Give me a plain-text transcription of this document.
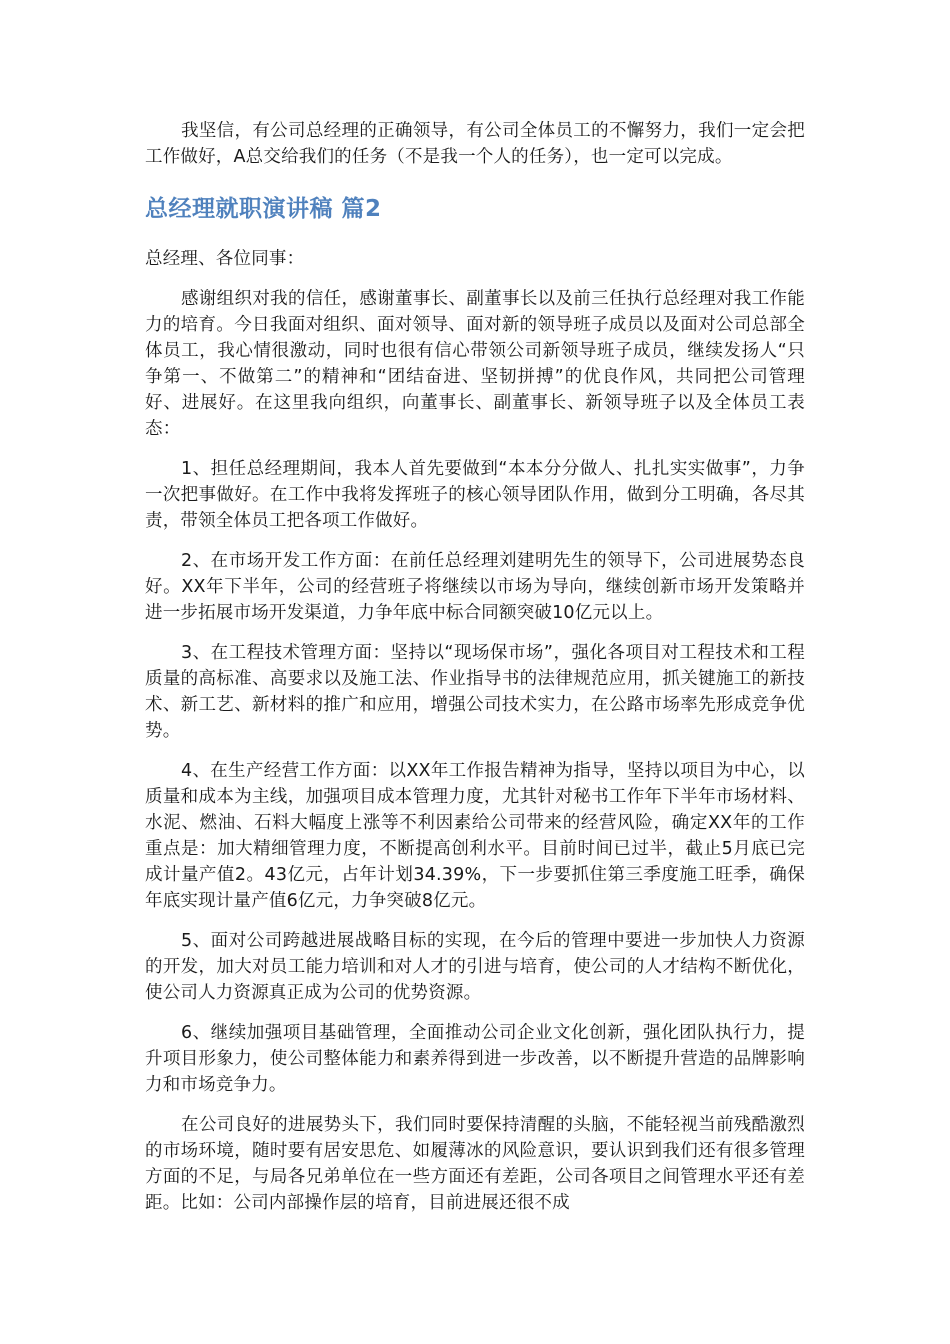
我坚信，有公司总经理的正确领导，有公司全体员工的不懈努力，我们一定会把工作做好，A总交给我们的任务（不是我一个人的任务），也一定可以完成。

总经理就职演讲稿 篇2

总经理、各位同事：

感谢组织对我的信任，感谢董事长、副董事长以及前三任执行总经理对我工作能力的培育。今日我面对组织、面对领导、面对新的领导班子成员以及面对公司总部全体员工，我心情很激动，同时也很有信心带领公司新领导班子成员，继续发扬人“只争第一、不做第二”的精神和“团结奋进、坚韧拼搏”的优良作风，共同把公司管理好、进展好。在这里我向组织，向董事长、副董事长、新领导班子以及全体员工表态：

1、担任总经理期间，我本人首先要做到“本本分分做人、扎扎实实做事”，力争一次把事做好。在工作中我将发挥班子的核心领导团队作用，做到分工明确，各尽其责，带领全体员工把各项工作做好。

2、在市场开发工作方面：在前任总经理刘建明先生的领导下，公司进展势态良好。XX年下半年，公司的经营班子将继续以市场为导向，继续创新市场开发策略并进一步拓展市场开发渠道，力争年底中标合同额突破10亿元以上。

3、在工程技术管理方面：坚持以“现场保市场”，强化各项目对工程技术和工程质量的高标准、高要求以及施工法、作业指导书的法律规范应用，抓关键施工的新技术、新工艺、新材料的推广和应用，增强公司技术实力，在公路市场率先形成竞争优势。

4、在生产经营工作方面：以XX年工作报告精神为指导，坚持以项目为中心，以质量和成本为主线，加强项目成本管理力度，尤其针对秘书工作年下半年市场材料、水泥、燃油、石料大幅度上涨等不利因素给公司带来的经营风险，确定XX年的工作重点是：加大精细管理力度，不断提高创利水平。目前时间已过半，截止5月底已完成计量产值2。43亿元，占年计划34.39%，下一步要抓住第三季度施工旺季，确保年底实现计量产值6亿元，力争突破8亿元。

5、面对公司跨越进展战略目标的实现，在今后的管理中要进一步加快人力资源的开发，加大对员工能力培训和对人才的引进与培育，使公司的人才结构不断优化，使公司人力资源真正成为公司的优势资源。

6、继续加强项目基础管理，全面推动公司企业文化创新，强化团队执行力，提升项目形象力，使公司整体能力和素养得到进一步改善，以不断提升营造的品牌影响力和市场竞争力。

在公司良好的进展势头下，我们同时要保持清醒的头脑，不能轻视当前残酷激烈的市场环境，随时要有居安思危、如履薄冰的风险意识，要认识到我们还有很多管理方面的不足，与局各兄弟单位在一些方面还有差距，公司各项目之间管理水平还有差距。比如：公司内部操作层的培育，目前进展还很不成
